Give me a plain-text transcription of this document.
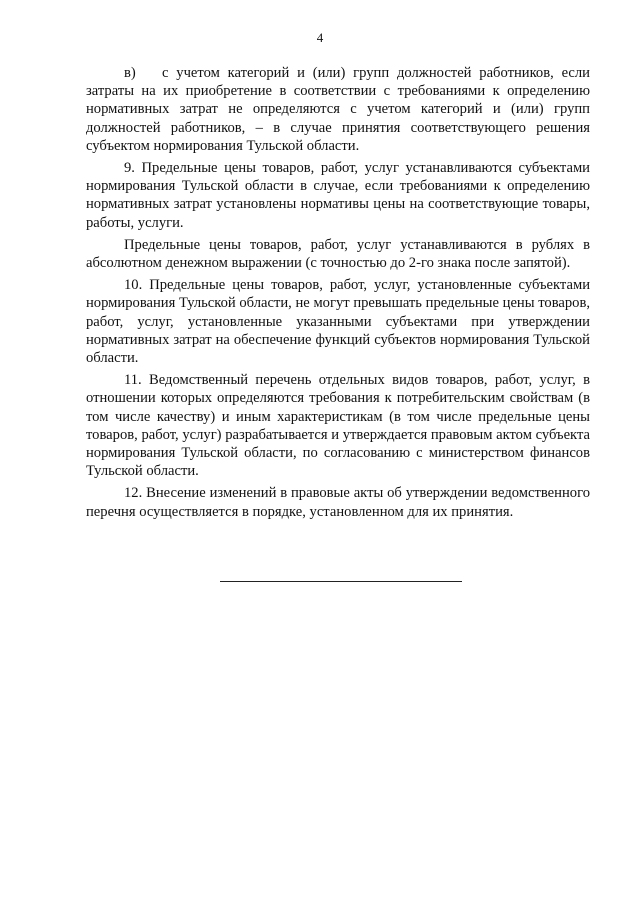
4

в) с учетом категорий и (или) групп должностей работников, если затраты на их приобретение в соответствии с требованиями к определению нормативных затрат не определяются с учетом категорий и (или) групп должностей работников, – в случае принятия соответствующего решения субъектом нормирования Тульской области.

9. Предельные цены товаров, работ, услуг устанавливаются субъектами нормирования Тульской области в случае, если требованиями к определению нормативных затрат установлены нормативы цены на соответствующие товары, работы, услуги.

Предельные цены товаров, работ, услуг устанавливаются в рублях в абсолютном денежном выражении (с точностью до 2-го знака после запятой).

10. Предельные цены товаров, работ, услуг, установленные субъектами нормирования Тульской области, не могут превышать предельные цены товаров, работ, услуг, установленные указанными субъектами при утверждении нормативных затрат на обеспечение функций субъектов нормирования Тульской области.

11. Ведомственный перечень отдельных видов товаров, работ, услуг, в отношении которых определяются требования к потребительским свойствам (в том числе качеству) и иным характеристикам (в том числе предельные цены товаров, работ, услуг) разрабатывается и утверждается правовым актом субъекта нормирования Тульской области, по согласованию с министерством финансов Тульской области.

12. Внесение изменений в правовые акты об утверждении ведомственного перечня осуществляется в порядке, установленном для их принятия.
